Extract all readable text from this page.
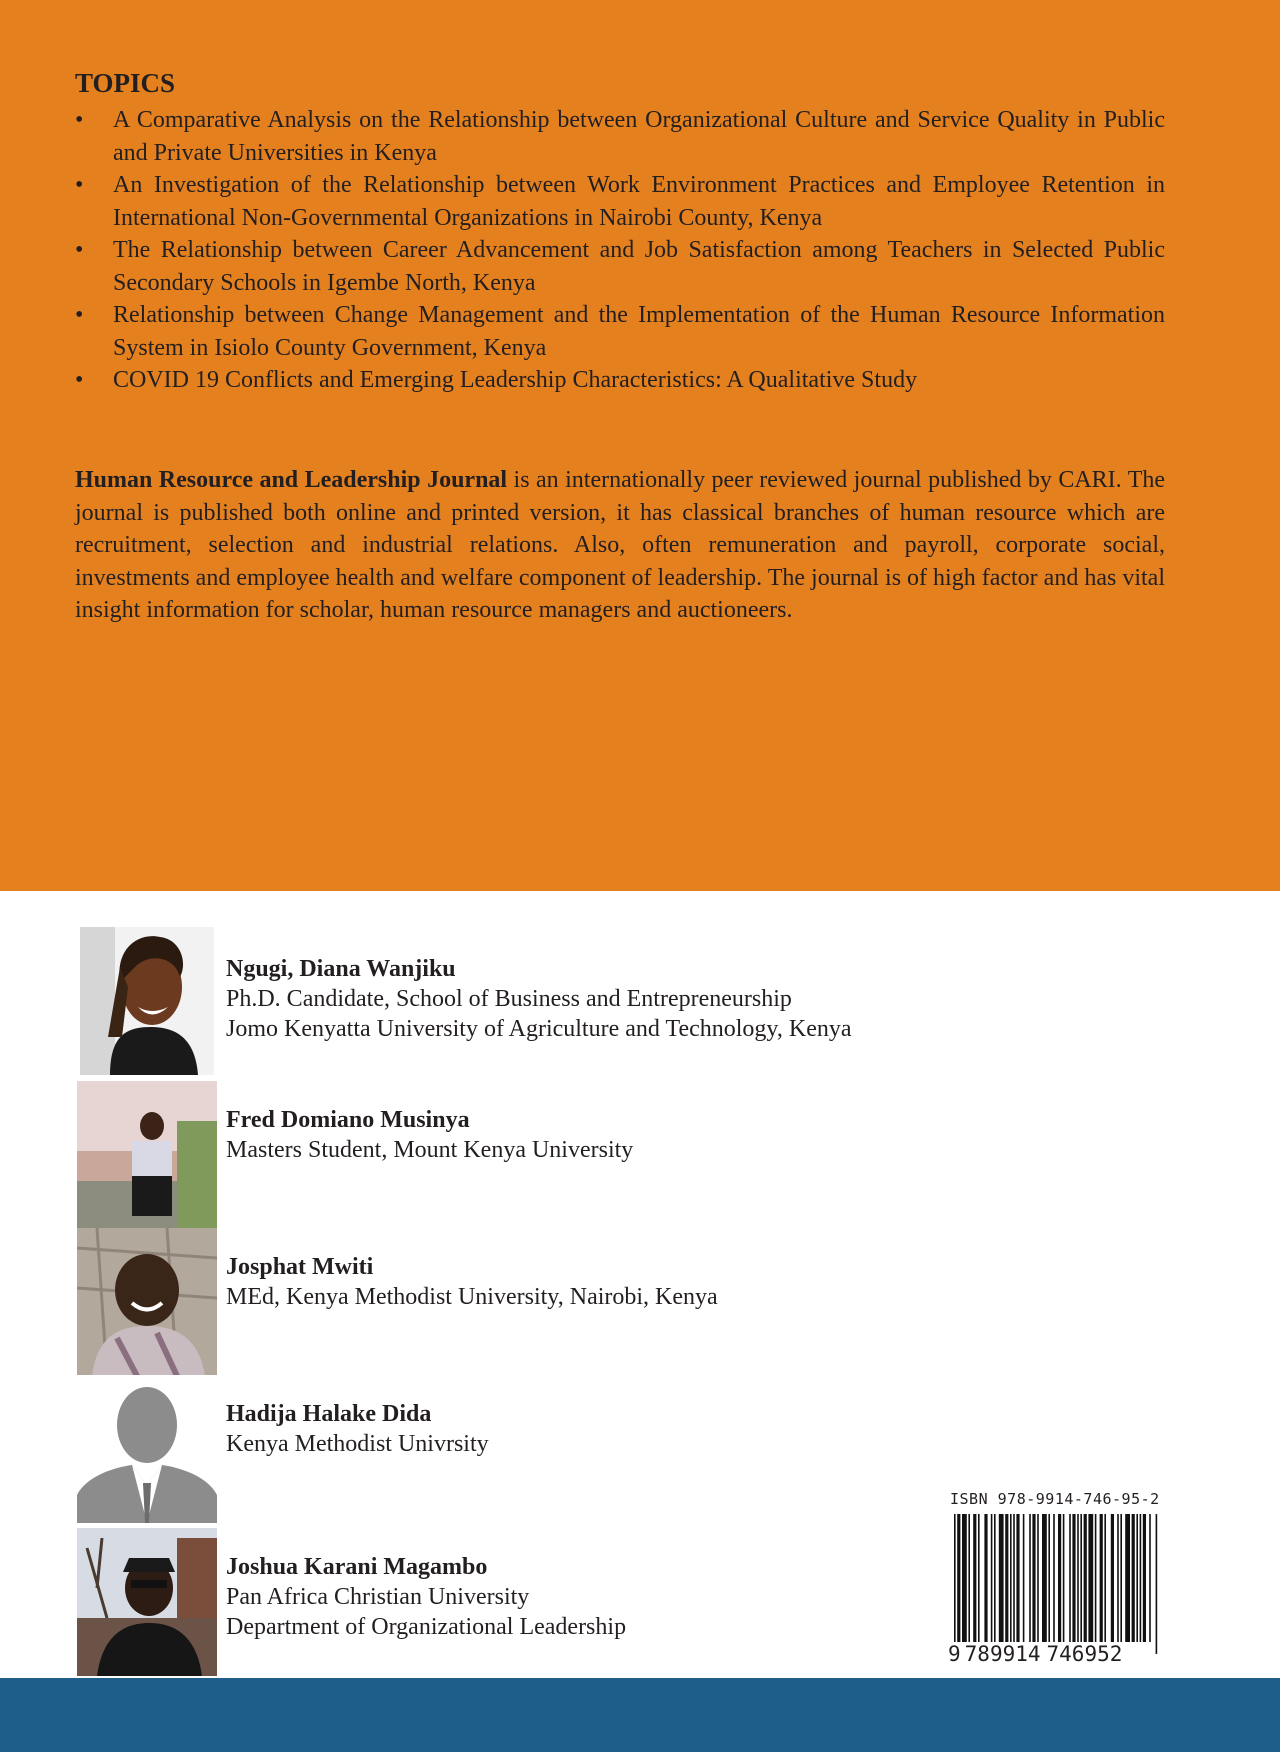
TOPICS
• A Comparative Analysis on the Relationship between Organizational Culture and Service Quality in Public and Private Universities in Kenya
• An Investigation of the Relationship between Work Environment Practices and Employee Retention in International Non-Governmental Organizations in Nairobi County, Kenya
• The Relationship between Career Advancement and Job Satisfaction among Teachers in Selected Public Secondary Schools in Igembe North, Kenya
• Relationship between Change Management and the Implementation of the Human Resource Information System in Isiolo County Government, Kenya
• COVID 19 Conflicts and Emerging Leadership Characteristics: A Qualitative Study

Human Resource and Leadership Journal is an internationally peer reviewed journal published by CARI. The journal is published both online and printed version, it has classical branches of human resource which are recruitment, selection and industrial relations. Also, often remuneration and payroll, corporate social, investments and employee health and welfare component of leadership. The journal is of high factor and has vital insight information for scholar, human resource managers and auctioneers.

Ngugi, Diana Wanjiku
Ph.D. Candidate, School of Business and Entrepreneurship
Jomo Kenyatta University of Agriculture and Technology, Kenya
Fred Domiano Musinya
Masters Student, Mount Kenya University
Josphat Mwiti
MEd, Kenya Methodist University, Nairobi, Kenya
Hadija Halake Dida
Kenya Methodist Univrsity
Joshua Karani Magambo
Pan Africa Christian University
Department of Organizational Leadership
ISBN 978-9914-746-95-2
9 789914 746952
